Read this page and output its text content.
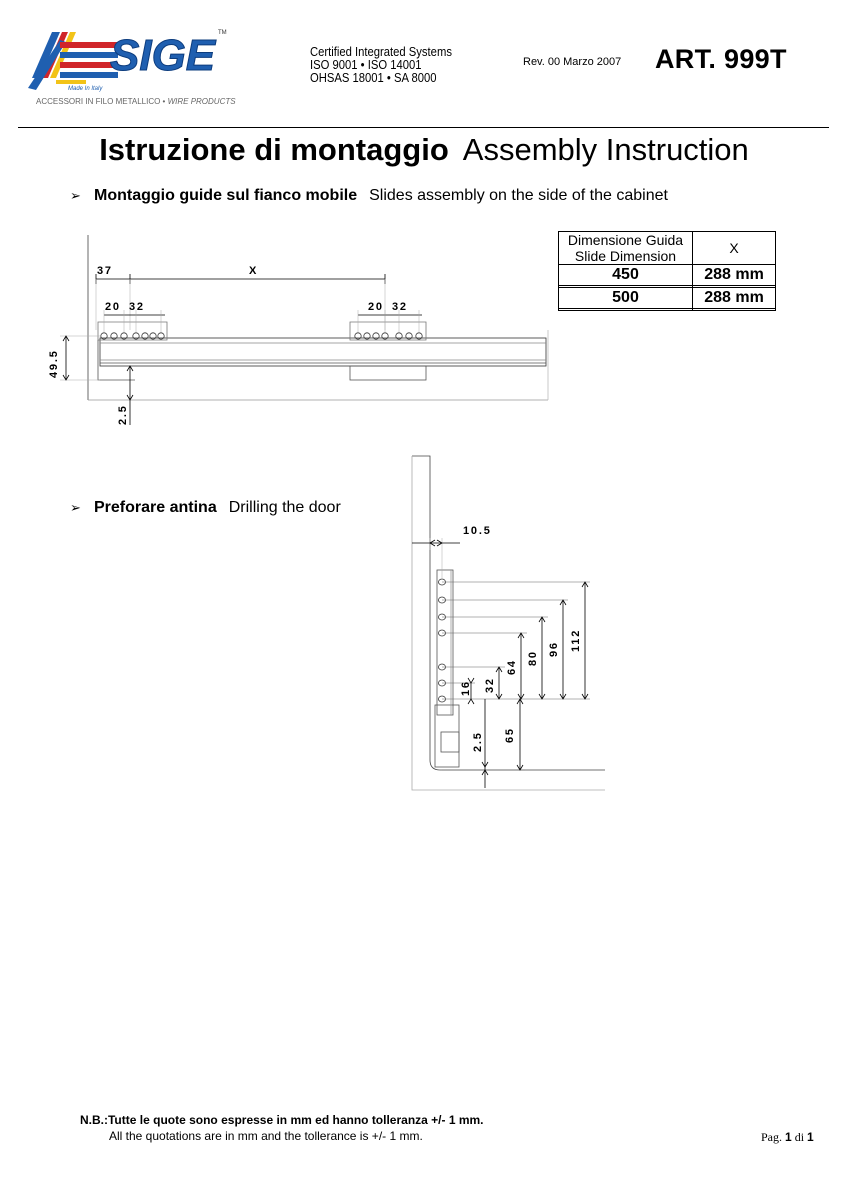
SIGE TM
Made In Italy
ACCESSORI IN FILO METALLICO • WIRE PRODUCTS
Certified Integrated Systems
ISO 9001 • ISO 14001
OHSAS 18001 • SA 8000
Rev. 00 Marzo 2007 ART. 999T
Istruzione di montaggio Assembly Instruction
➢ Montaggio guide sul fianco mobile Slides assembly on the side of the cabinet
Dimensione Guida
Slide Dimension	X
450	288 mm

500	288 mm

37	X
20 32	20 32
49.5
2.5
➢ Preforare antina Drilling the door
10.5
112
96
80
64
32
16
2.5 65
N.B.:Tutte le quote sono espresse in mm ed hanno tolleranza +/- 1 mm.
All the quotations are in mm and the tollerance is +/- 1 mm.	Pag. 1 di 1
